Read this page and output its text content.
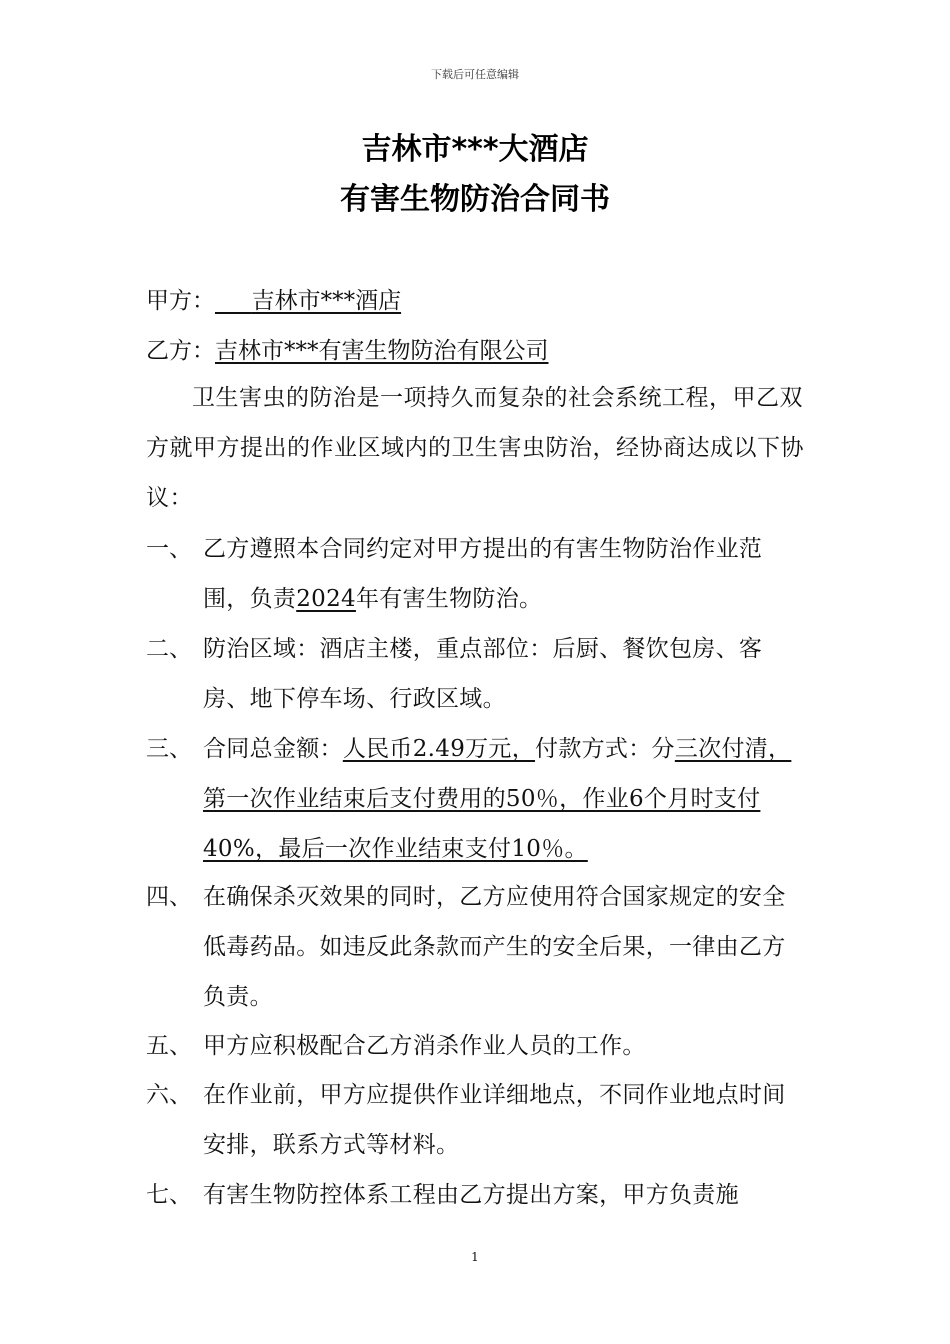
下载后可任意编辑
吉林市***大酒店
有害生物防治合同书
甲方： 吉林市***酒店
乙方：吉林市***有害生物防治有限公司

卫生害虫的防治是一项持久而复杂的社会系统工程，甲乙双方就甲方提出的作业区域内的卫生害虫防治，经协商达成以下协议：

一、 乙方遵照本合同约定对甲方提出的有害生物防治作业范围，负责2024年有害生物防治。
二、 防治区域：酒店主楼，重点部位：后厨、餐饮包房、客房、地下停车场、行政区域。
三、 合同总金额：人民币2.49万元，付款方式：分三次付清，第一次作业结束后支付费用的50％，作业6个月时支付40%，最后一次作业结束支付10％。
四、 在确保杀灭效果的同时，乙方应使用符合国家规定的安全低毒药品。如违反此条款而产生的安全后果，一律由乙方负责。
五、 甲方应积极配合乙方消杀作业人员的工作。
六、 在作业前，甲方应提供作业详细地点，不同作业地点时间安排，联系方式等材料。
七、 有害生物防控体系工程由乙方提出方案，甲方负责施
1
